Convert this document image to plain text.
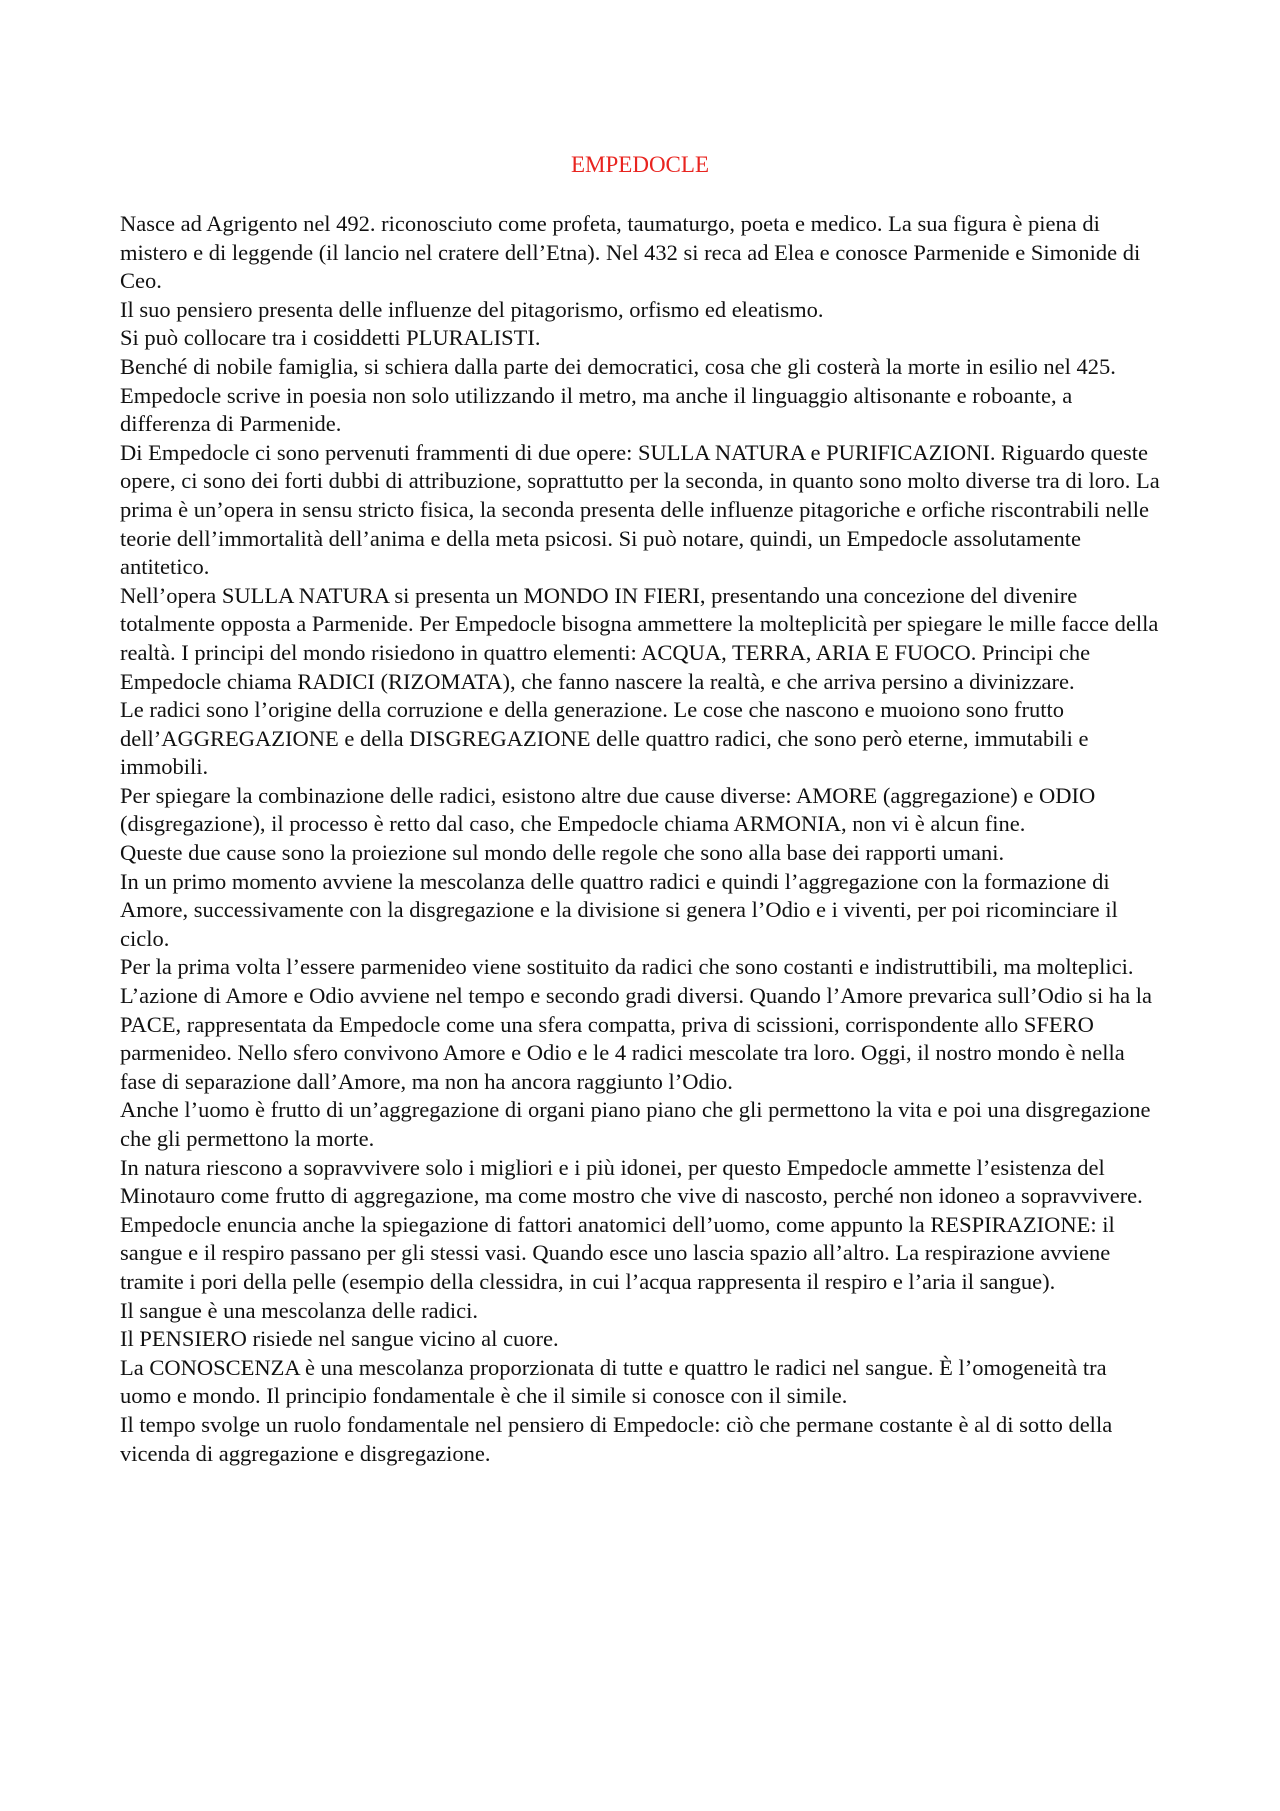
EMPEDOCLE

Nasce ad Agrigento nel 492. riconosciuto come profeta, taumaturgo, poeta e medico. La sua figura è piena di mistero e di leggende (il lancio nel cratere dell’Etna). Nel 432 si reca ad Elea e conosce Parmenide e Simonide di Ceo.

Il suo pensiero presenta delle influenze del pitagorismo, orfismo ed eleatismo.

Si può collocare tra i cosiddetti PLURALISTI.

Benché di nobile famiglia, si schiera dalla parte dei democratici, cosa che gli costerà la morte in esilio nel 425.

Empedocle scrive in poesia non solo utilizzando il metro, ma anche il linguaggio altisonante e roboante, a differenza di Parmenide.

Di Empedocle ci sono pervenuti frammenti di due opere: SULLA NATURA e PURIFICAZIONI. Riguardo queste opere, ci sono dei forti dubbi di attribuzione, soprattutto per la seconda, in quanto sono molto diverse tra di loro. La prima è un’opera in sensu stricto fisica, la seconda presenta delle influenze pitagoriche e orfiche riscontrabili nelle teorie dell’immortalità dell’anima e della meta psicosi. Si può notare, quindi, un Empedocle assolutamente antitetico.

Nell’opera SULLA NATURA si presenta un MONDO IN FIERI, presentando una concezione del divenire totalmente opposta a Parmenide. Per Empedocle bisogna ammettere la molteplicità per spiegare le mille facce della realtà. I principi del mondo risiedono in quattro elementi: ACQUA, TERRA, ARIA E FUOCO. Principi che Empedocle chiama RADICI (RIZOMATA), che fanno nascere la realtà, e che arriva persino a divinizzare.

Le radici sono l’origine della corruzione e della generazione. Le cose che nascono e muoiono sono frutto dell’AGGREGAZIONE e della DISGREGAZIONE delle quattro radici, che sono però eterne, immutabili e immobili.

Per spiegare la combinazione delle radici, esistono altre due cause diverse: AMORE (aggregazione) e ODIO (disgregazione), il processo è retto dal caso, che Empedocle chiama ARMONIA, non vi è alcun fine.

Queste due cause sono la proiezione sul mondo delle regole che sono alla base dei rapporti umani.

In un primo momento avviene la mescolanza delle quattro radici e quindi l’aggregazione con la formazione di Amore, successivamente con la disgregazione e la divisione si genera l’Odio e i viventi, per poi ricominciare il ciclo.

Per la prima volta l’essere parmenideo viene sostituito da radici che sono costanti e indistruttibili, ma molteplici.

L’azione di Amore e Odio avviene nel tempo e secondo gradi diversi. Quando l’Amore prevarica sull’Odio si ha la PACE, rappresentata da Empedocle come una sfera compatta, priva di scissioni, corrispondente allo SFERO parmenideo. Nello sfero convivono Amore e Odio e le 4 radici mescolate tra loro. Oggi, il nostro mondo è nella fase di separazione dall’Amore, ma non ha ancora raggiunto l’Odio.

Anche l’uomo è frutto di un’aggregazione di organi piano piano che gli permettono la vita e poi una disgregazione che gli permettono la morte.

In natura riescono a sopravvivere solo i migliori e i più idonei, per questo Empedocle ammette l’esistenza del Minotauro come frutto di aggregazione, ma come mostro che vive di nascosto, perché non idoneo a sopravvivere.

Empedocle enuncia anche la spiegazione di fattori anatomici dell’uomo, come appunto la RESPIRAZIONE: il sangue e il respiro passano per gli stessi vasi. Quando esce uno lascia spazio all’altro. La respirazione avviene tramite i pori della pelle (esempio della clessidra, in cui l’acqua rappresenta il respiro e l’aria il sangue).

Il sangue è una mescolanza delle radici.

Il PENSIERO risiede nel sangue vicino al cuore.

La CONOSCENZA è una mescolanza proporzionata di tutte e quattro le radici nel sangue. È l’omogeneità tra uomo e mondo. Il principio fondamentale è che il simile si conosce con il simile.

Il tempo svolge un ruolo fondamentale nel pensiero di Empedocle: ciò che permane costante è al di sotto della vicenda di aggregazione e disgregazione.
